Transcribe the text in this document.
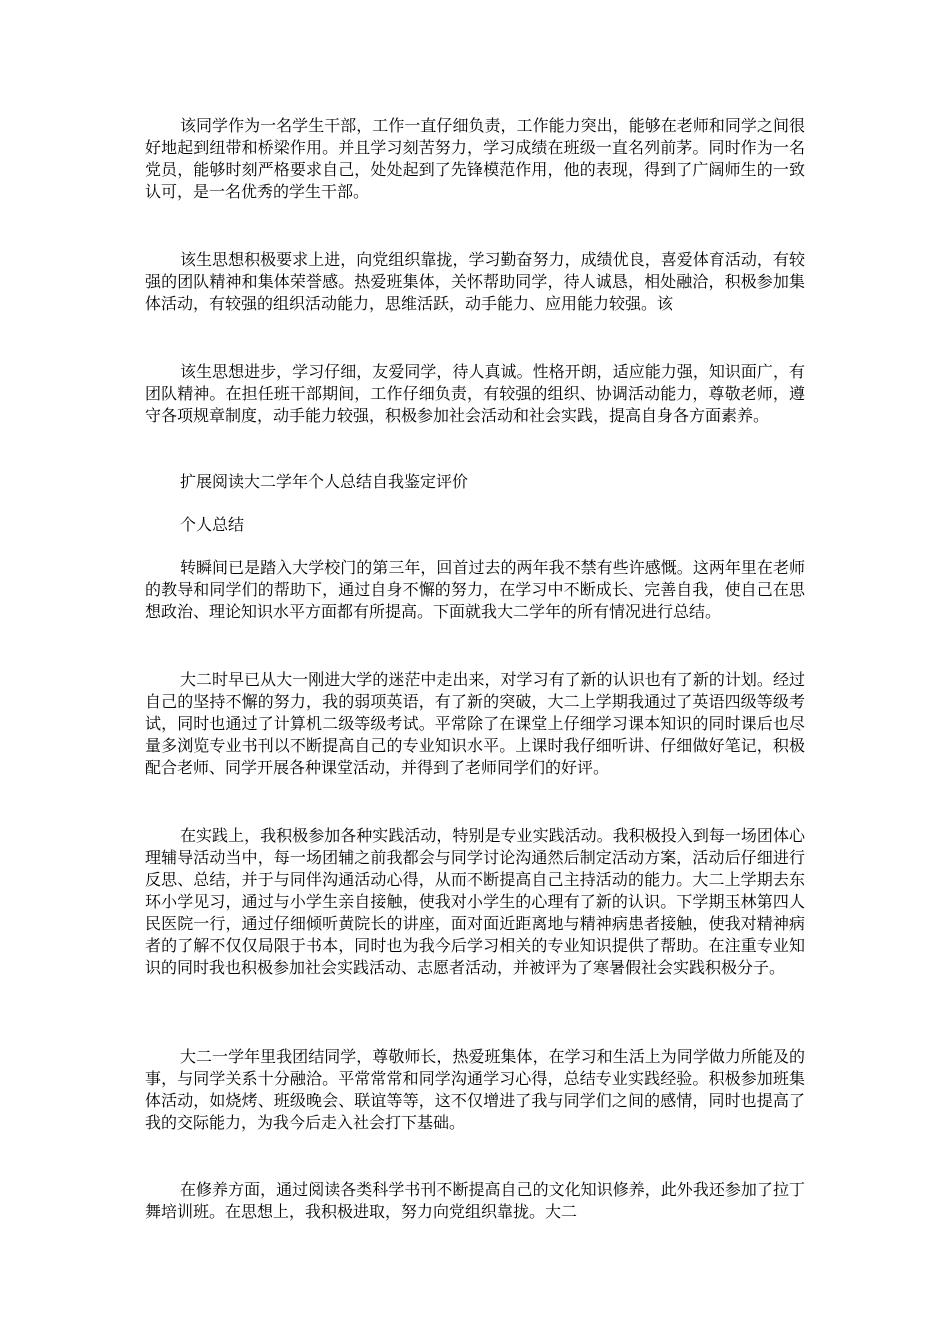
该同学作为一名学生干部，工作一直仔细负责，工作能力突出，能够在老师和同学之间很好地起到纽带和桥梁作用。并且学习刻苦努力，学习成绩在班级一直名列前茅。同时作为一名党员，能够时刻严格要求自己，处处起到了先锋模范作用，他的表现，得到了广阔师生的一致认可，是一名优秀的学生干部。

该生思想积极要求上进，向党组织靠拢，学习勤奋努力，成绩优良，喜爱体育活动，有较强的团队精神和集体荣誉感。热爱班集体，关怀帮助同学，待人诚恳，相处融洽，积极参加集体活动，有较强的组织活动能力，思维活跃，动手能力、应用能力较强。该

该生思想进步，学习仔细，友爱同学，待人真诚。性格开朗，适应能力强，知识面广，有团队精神。在担任班干部期间，工作仔细负责，有较强的组织、协调活动能力，尊敬老师，遵守各项规章制度，动手能力较强，积极参加社会活动和社会实践，提高自身各方面素养。

扩展阅读大二学年个人总结自我鉴定评价

个人总结

转瞬间已是踏入大学校门的第三年，回首过去的两年我不禁有些许感慨。这两年里在老师的教导和同学们的帮助下，通过自身不懈的努力，在学习中不断成长、完善自我，使自己在思想政治、理论知识水平方面都有所提高。下面就我大二学年的所有情况进行总结。

大二时早已从大一刚进大学的迷茫中走出来，对学习有了新的认识也有了新的计划。经过自己的坚持不懈的努力，我的弱项英语，有了新的突破，大二上学期我通过了英语四级等级考试，同时也通过了计算机二级等级考试。平常除了在课堂上仔细学习课本知识的同时课后也尽量多浏览专业书刊以不断提高自己的专业知识水平。上课时我仔细听讲、仔细做好笔记，积极配合老师、同学开展各种课堂活动，并得到了老师同学们的好评。

在实践上，我积极参加各种实践活动，特别是专业实践活动。我积极投入到每一场团体心理辅导活动当中，每一场团辅之前我都会与同学讨论沟通然后制定活动方案，活动后仔细进行反思、总结，并于与同伴沟通活动心得，从而不断提高自己主持活动的能力。大二上学期去东环小学见习，通过与小学生亲自接触，使我对小学生的心理有了新的认识。下学期玉林第四人民医院一行，通过仔细倾听黄院长的讲座，面对面近距离地与精神病患者接触，使我对精神病者的了解不仅仅局限于书本，同时也为我今后学习相关的专业知识提供了帮助。在注重专业知识的同时我也积极参加社会实践活动、志愿者活动，并被评为了寒暑假社会实践积极分子。

大二一学年里我团结同学，尊敬师长，热爱班集体，在学习和生活上为同学做力所能及的事，与同学关系十分融洽。平常常常和同学沟通学习心得，总结专业实践经验。积极参加班集体活动，如烧烤、班级晚会、联谊等等，这不仅增进了我与同学们之间的感情，同时也提高了我的交际能力，为我今后走入社会打下基础。

在修养方面，通过阅读各类科学书刊不断提高自己的文化知识修养，此外我还参加了拉丁舞培训班。在思想上，我积极进取，努力向党组织靠拢。大二
